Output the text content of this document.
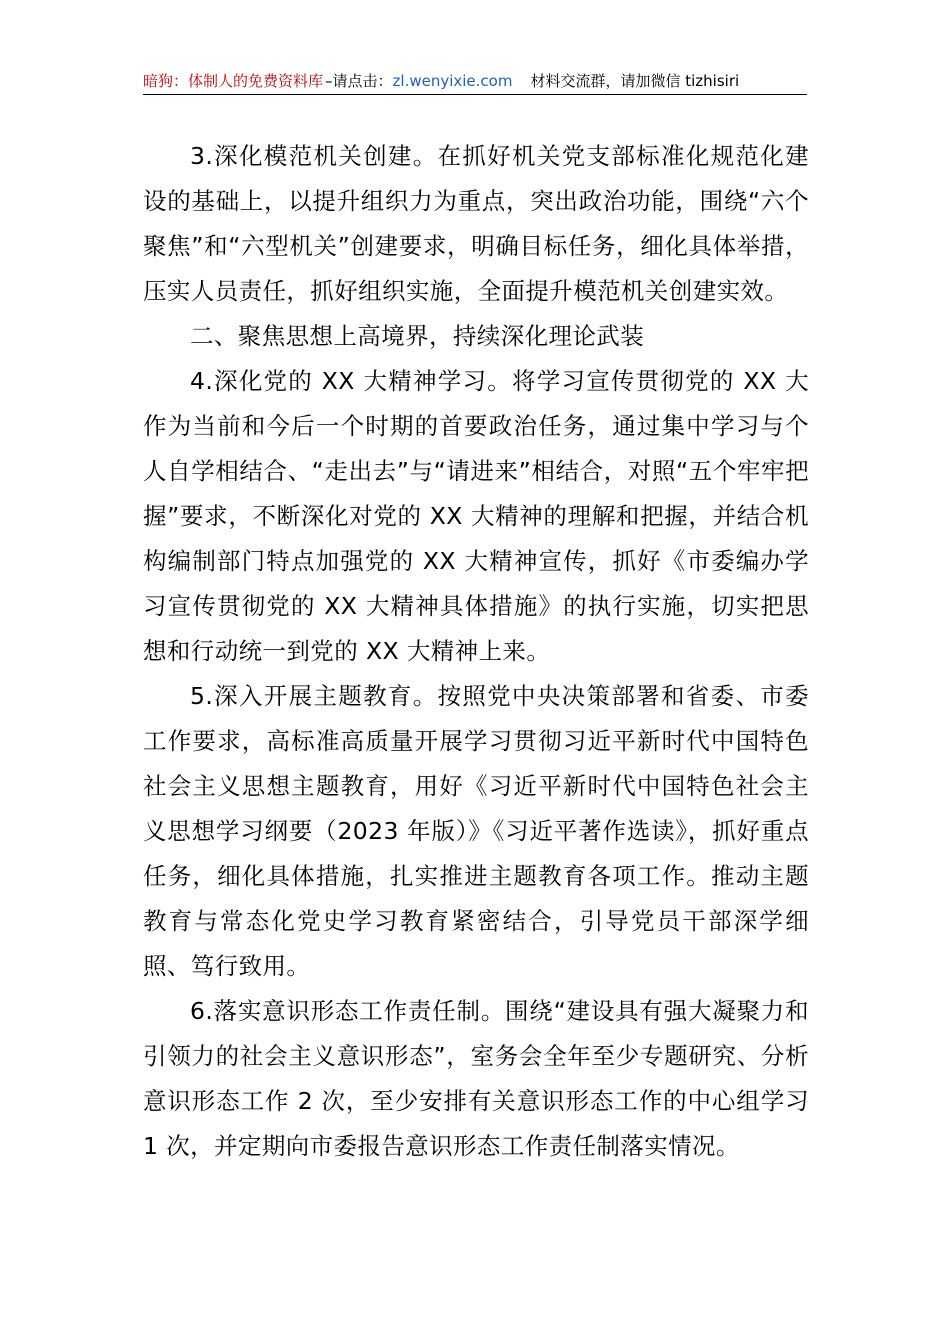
暗狗：体制人的免费资料库 –请点击：zl.wenyixie.com 材料交流群，请加微信 tizhisiri

3.深化模范机关创建。在抓好机关党支部标准化规范化建设的基础上，以提升组织力为重点，突出政治功能，围绕“六个聚焦”和“六型机关”创建要求，明确目标任务，细化具体举措，压实人员责任，抓好组织实施，全面提升模范机关创建实效。

二、聚焦思想上高境界，持续深化理论武装

4.深化党的 XX 大精神学习。将学习宣传贯彻党的 XX 大作为当前和今后一个时期的首要政治任务，通过集中学习与个人自学相结合、“走出去”与“请进来”相结合，对照“五个牢牢把握”要求，不断深化对党的 XX 大精神的理解和把握，并结合机构编制部门特点加强党的 XX 大精神宣传，抓好《市委编办学习宣传贯彻党的 XX 大精神具体措施》的执行实施，切实把思想和行动统一到党的 XX 大精神上来。

5.深入开展主题教育。按照党中央决策部署和省委、市委工作要求，高标准高质量开展学习贯彻习近平新时代中国特色社会主义思想主题教育，用好《习近平新时代中国特色社会主义思想学习纲要（2023 年版）》《习近平著作选读》，抓好重点任务，细化具体措施，扎实推进主题教育各项工作。推动主题教育与常态化党史学习教育紧密结合，引导党员干部深学细照、笃行致用。

6.落实意识形态工作责任制。围绕“建设具有强大凝聚力和引领力的社会主义意识形态”，室务会全年至少专题研究、分析意识形态工作 2 次，至少安排有关意识形态工作的中心组学习 1 次，并定期向市委报告意识形态工作责任制落实情况。
